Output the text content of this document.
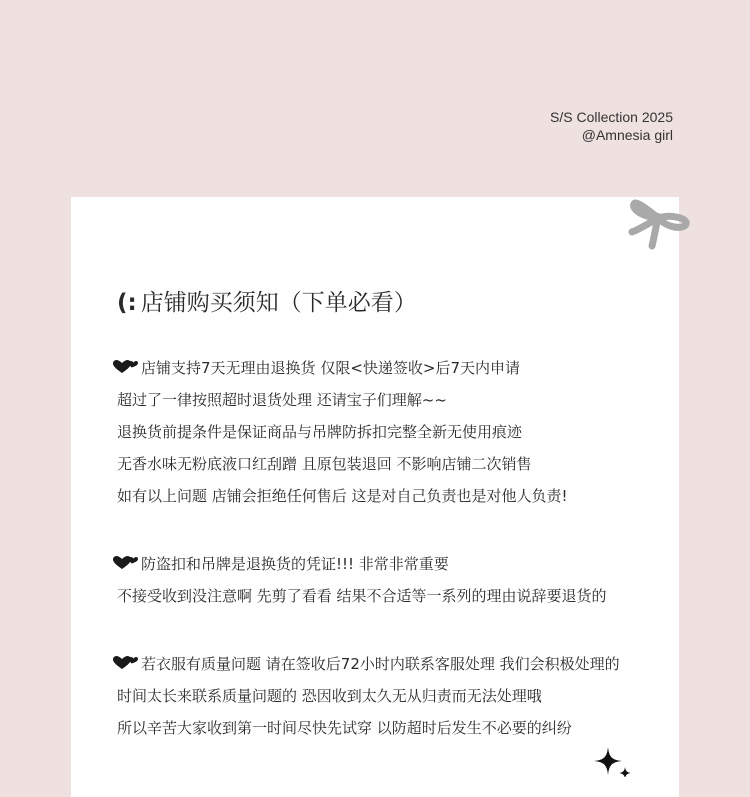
S/S Collection 2025
@Amnesia girl
(: 店铺购买须知（下单必看）
店铺支持7天无理由退换货 仅限<快递签收>后7天内申请
超过了一律按照超时退货处理 还请宝子们理解~~
退换货前提条件是保证商品与吊牌防拆扣完整全新无使用痕迹
无香水味无粉底液口红刮蹭 且原包装退回 不影响店铺二次销售
如有以上问题 店铺会拒绝任何售后 这是对自己负责也是对他人负责!
防盗扣和吊牌是退换货的凭证!!! 非常非常重要
不接受收到没注意啊 先剪了看看 结果不合适等一系列的理由说辞要退货的
若衣服有质量问题 请在签收后72小时内联系客服处理 我们会积极处理的
时间太长来联系质量问题的 恐因收到太久无从归责而无法处理哦
所以辛苦大家收到第一时间尽快先试穿 以防超时后发生不必要的纠纷
